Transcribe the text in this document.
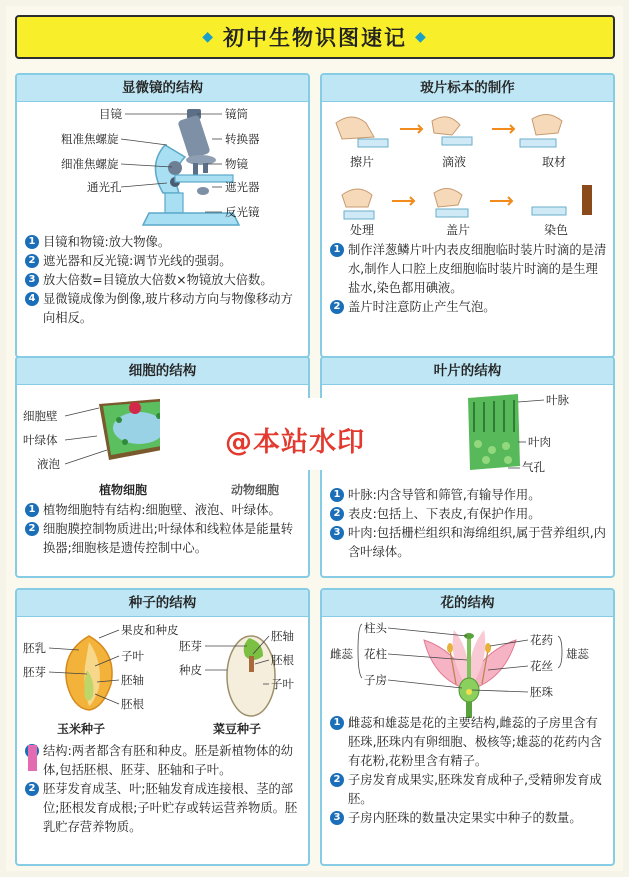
◆ 初中生物识图速记 ◆
显微镜的结构
目镜
粗准焦螺旋
细准焦螺旋
通光孔
镜筒
转换器
物镜
遮光器
反光镜
1 目镜和物镜:放大物像。
2 遮光器和反光镜:调节光线的强弱。
3 放大倍数=目镜放大倍数×物镜放大倍数。
4 显微镜成像为倒像,玻片移动方向与物像移动方向相反。
玻片标本的制作
擦片	滴液	取材
处理	盖片	染色
1 制作洋葱鳞片叶内表皮细胞临时装片时滴的是清水,制作人口腔上皮细胞临时装片时滴的是生理盐水,染色都用碘液。
2 盖片时注意防止产生气泡。
细胞的结构
细胞壁
叶绿体
液泡
植物细胞	动物细胞
1 植物细胞特有结构:细胞壁、液泡、叶绿体。
2 细胞膜控制物质进出;叶绿体和线粒体是能量转换器;细胞核是遗传控制中心。
叶片的结构
叶脉
叶肉
气孔
1 叶脉:内含导管和筛管,有输导作用。
2 表皮:包括上、下表皮,有保护作用。
3 叶肉:包括栅栏组织和海绵组织,属于营养组织,内含叶绿体。
种子的结构
果皮和种皮
胚乳
胚芽
子叶
胚轴
胚根
胚芽
种皮
胚轴
胚根
子叶
玉米种子	菜豆种子
结构:两者都含有胚和种皮。胚是新植物体的幼体,包括胚根、胚芽、胚轴和子叶。
2 胚芽发育成茎、叶;胚轴发育成连接根、茎的部位;胚根发育成根;子叶贮存或转运营养物质。胚乳贮存营养物质。
花的结构
柱头
雌蕊 花柱
子房
花药
花丝
雄蕊
胚珠
1 雌蕊和雄蕊是花的主要结构,雌蕊的子房里含有胚珠,胚珠内有卵细胞、极核等;雄蕊的花药内含有花粉,花粉里含有精子。
2 子房发育成果实,胚珠发育成种子,受精卵发育成胚。
3 子房内胚珠的数量决定果实中种子的数量。
@本站水印
